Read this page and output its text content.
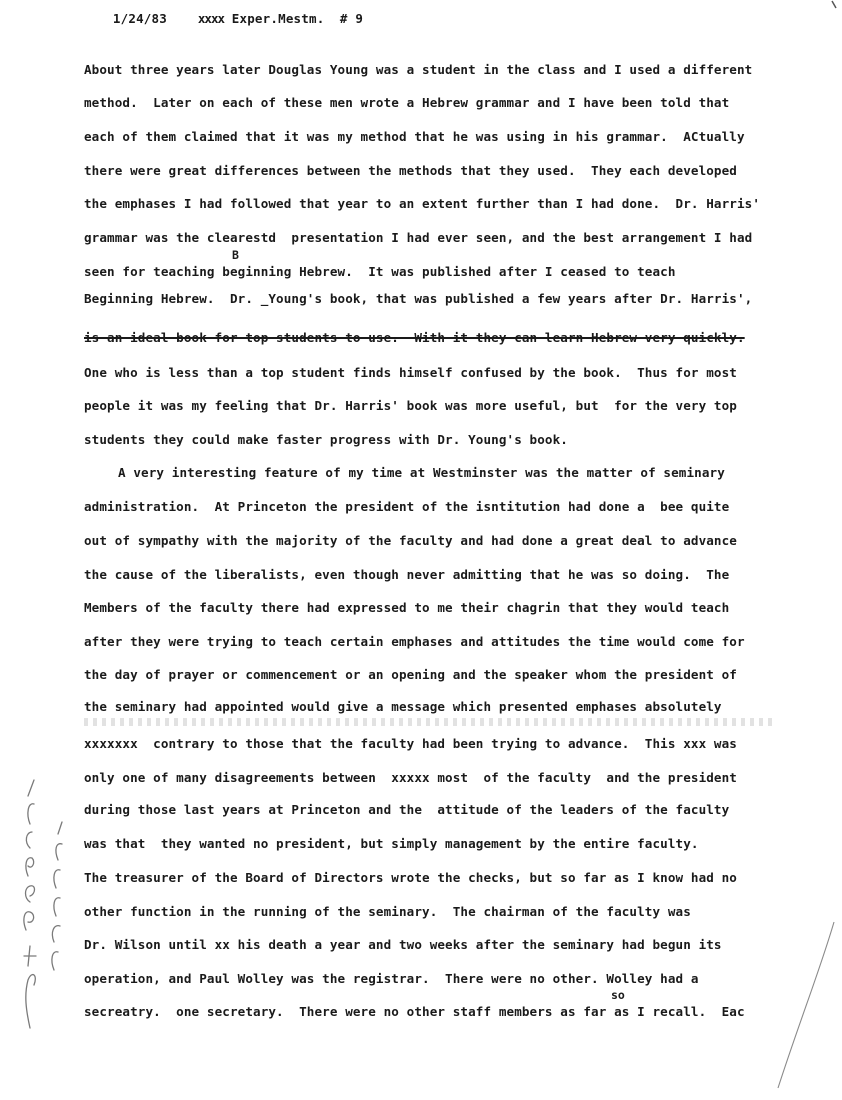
1/24/83 xxxx Exper.Mestm. # 9

About three years later Douglas Young was a student in the class and I used a different
method.  Later on each of these men wrote a Hebrew grammar and I have been told that
each of them claimed that it was my method that he was using in his grammar.  ACtually
there were great differences between the methods that they used.  They each developed
the emphases I had followed that year to an extent further than I had done.  Dr. Harris'
grammar was the clearestd  presentation I had ever seen, and the best arrangement I had
B
seen for teaching beginning Hebrew.  It was published after I ceased to teach
Beginning Hebrew.  Dr. _Young's book, that was published a few years after Dr. Harris',
is an ideal book for top students to use.  With it they can learn Hebrew very quickly.
One who is less than a top student finds himself confused by the book.  Thus for most
people it was my feeling that Dr. Harris' book was more useful, but  for the very top
students they could make faster progress with Dr. Young's book.
A very interesting feature of my time at Westminster was the matter of seminary
administration.  At Princeton the president of the isntitution had done a  bee quite
out of sympathy with the majority of the faculty and had done a great deal to advance
the cause of the liberalists, even though never admitting that he was so doing.  The
Members of the faculty there had expressed to me their chagrin that they would teach
after they were trying to teach certain emphases and attitudes the time would come for
the day of prayer or commencement or an opening and the speaker whom the president of
the seminary had appointed would give a message which presented emphases absolutely
xxxxxxx  contrary to those that the faculty had been trying to advance.  This xxx was
only one of many disagreements between  xxxxx most  of the faculty  and the president
during those last years at Princeton and the  attitude of the leaders of the faculty
was that  they wanted no president, but simply management by the entire faculty.
The treasurer of the Board of Directors wrote the checks, but so far as I know had no
other function in the running of the seminary.  The chairman of the faculty was
Dr. Wilson until xx his death a year and two weeks after the seminary had begun its
operation, and Paul Wolley was the registrar.  There were no other. Wolley had a
so
secreatry.  one secretary.  There were no other staff members as far as I recall.  Eac
